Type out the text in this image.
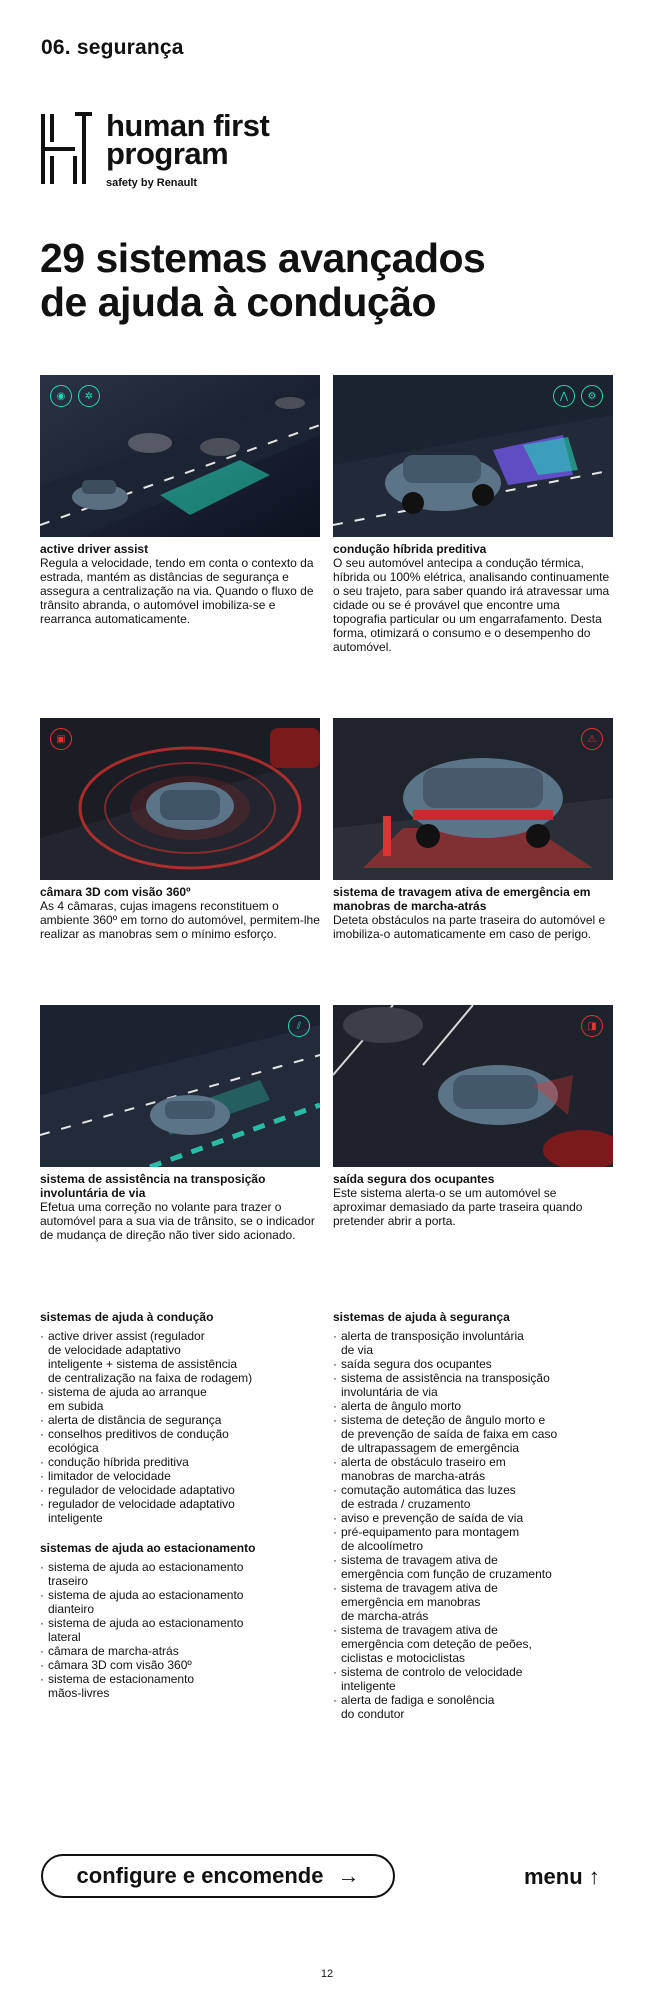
06. segurança
human first
program
safety by Renault
29 sistemas avançados
de ajuda à condução
◉	✲
active driver assist
Regula a velocidade, tendo em conta o contexto da estrada, mantém as distâncias de segurança e assegura a centralização na via. Quando o fluxo de trânsito abranda, o automóvel imobiliza-se e rearranca automaticamente.
⋀	⚙
condução híbrida preditiva
O seu automóvel antecipa a condução térmica, híbrida ou 100% elétrica, analisando continuamente o seu trajeto, para saber quando irá atravessar uma cidade ou se é provável que encontre uma topografia particular ou um engarrafamento. Desta forma, otimizará o consumo e o desempenho do automóvel.
▣
câmara 3D com visão 360º
As 4 câmaras, cujas imagens reconstituem o ambiente 360º em torno do automóvel, permitem-lhe realizar as manobras sem o mínimo esforço.
⚠
sistema de travagem ativa de emergência em manobras de marcha-atrás
Deteta obstáculos na parte traseira do automóvel e imobiliza-o automaticamente em caso de perigo.
⫽
sistema de assistência na transposição involuntária de via
Efetua uma correção no volante para trazer o automóvel para a sua via de trânsito, se o indicador de mudança de direção não tiver sido acionado.
◨
saída segura dos ocupantes
Este sistema alerta-o se um automóvel se aproximar demasiado da parte traseira quando pretender abrir a porta.
sistemas de ajuda à condução
· active driver assist (regulador
de velocidade adaptativo
inteligente + sistema de assistência
de centralização na faixa de rodagem)
· sistema de ajuda ao arranque
em subida
· alerta de distância de segurança
· conselhos preditivos de condução
ecológica
· condução híbrida preditiva
· limitador de velocidade
· regulador de velocidade adaptativo
· regulador de velocidade adaptativo
inteligente
sistemas de ajuda ao estacionamento
· sistema de ajuda ao estacionamento
traseiro
· sistema de ajuda ao estacionamento
dianteiro
· sistema de ajuda ao estacionamento
lateral
· câmara de marcha-atrás
· câmara 3D com visão 360º
· sistema de estacionamento
mãos-livres
sistemas de ajuda à segurança
· alerta de transposição involuntária
de via
· saída segura dos ocupantes
· sistema de assistência na transposição
involuntária de via
· alerta de ângulo morto
· sistema de deteção de ângulo morto e
de prevenção de saída de faixa em caso
de ultrapassagem de emergência
· alerta de obstáculo traseiro em
manobras de marcha-atrás
· comutação automática das luzes
de estrada / cruzamento
· aviso e prevenção de saída de via
· pré-equipamento para montagem
de alcoolímetro
· sistema de travagem ativa de
emergência com função de cruzamento
· sistema de travagem ativa de
emergência em manobras
de marcha-atrás
· sistema de travagem ativa de
emergência com deteção de peões,
ciclistas e motociclistas
· sistema de controlo de velocidade
inteligente
· alerta de fadiga e sonolência
do condutor
configure e encomende →	menu ↑
12
